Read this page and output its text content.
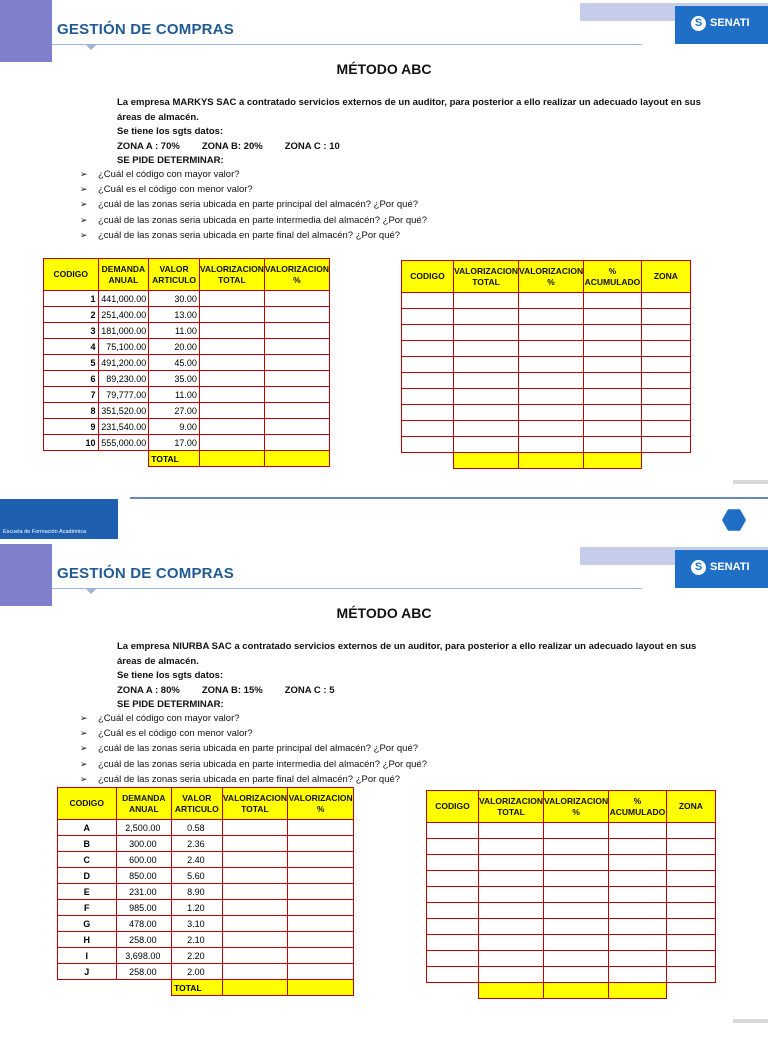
GESTIÓN DE COMPRAS	S SENATI
MÉTODO ABC
La empresa MARKYS SAC a contratado servicios externos de un auditor, para posterior a ello realizar un adecuado layout en sus
áreas de almacén.
Se tiene los sgts datos:
ZONA A : 70% ZONA B: 20% ZONA C : 10
SE PIDE DETERMINAR:
➢ ¿Cuál el código con mayor valor?
➢ ¿Cuál es el código con menor valor?
➢ ¿cuál de las zonas seria ubicada en parte principal del almacén? ¿Por qué?
➢ ¿cuál de las zonas seria ubicada en parte intermedia del almacén? ¿Por qué?
➢ ¿cuál de las zonas seria ubicada en parte final del almacén? ¿Por qué?
CODIGO	DEMANDA ANUAL	VALOR ARTICULO	VALORIZACION TOTAL	VALORIZACION %
1	441,000.00	30.00		
2	251,400.00	13.00		
3	181,000.00	11.00		
4	75,100.00	20.00		
5	491,200.00	45.00		
6	89,230.00	35.00		
7	79,777.00	11.00		
8	351,520.00	27.00		
9	231,540.00	9.00		
10	555,000.00	17.00		
		TOTAL		
CODIGO	VALORIZACION TOTAL	VALORIZACION %	% ACUMULADO	ZONA

Escuela de Formación Académica
GESTIÓN DE COMPRAS	S SENATI
MÉTODO ABC
La empresa NIURBA SAC a contratado servicios externos de un auditor, para posterior a ello realizar un adecuado layout en sus
áreas de almacén.
Se tiene los sgts datos:
ZONA A : 80% ZONA B: 15% ZONA C : 5
SE PIDE DETERMINAR:
➢ ¿Cuál el código con mayor valor?
➢ ¿Cuál es el código con menor valor?
➢ ¿cuál de las zonas seria ubicada en parte principal del almacén? ¿Por qué?
➢ ¿cuál de las zonas seria ubicada en parte intermedia del almacén? ¿Por qué?
➢ ¿cuál de las zonas seria ubicada en parte final del almacén? ¿Por qué?
CODIGO	DEMANDA ANUAL	VALOR ARTICULO	VALORIZACION TOTAL	VALORIZACION %
A	2,500.00	0.58		
B	300.00	2.36		
C	600.00	2.40		
D	850.00	5.60		
E	231.00	8.90		
F	985.00	1.20		
G	478.00	3.10		
H	258.00	2.10		
I	3,698.00	2.20		
J	258.00	2.00		
		TOTAL		
CODIGO	VALORIZACION TOTAL	VALORIZACION %	% ACUMULADO	ZONA
